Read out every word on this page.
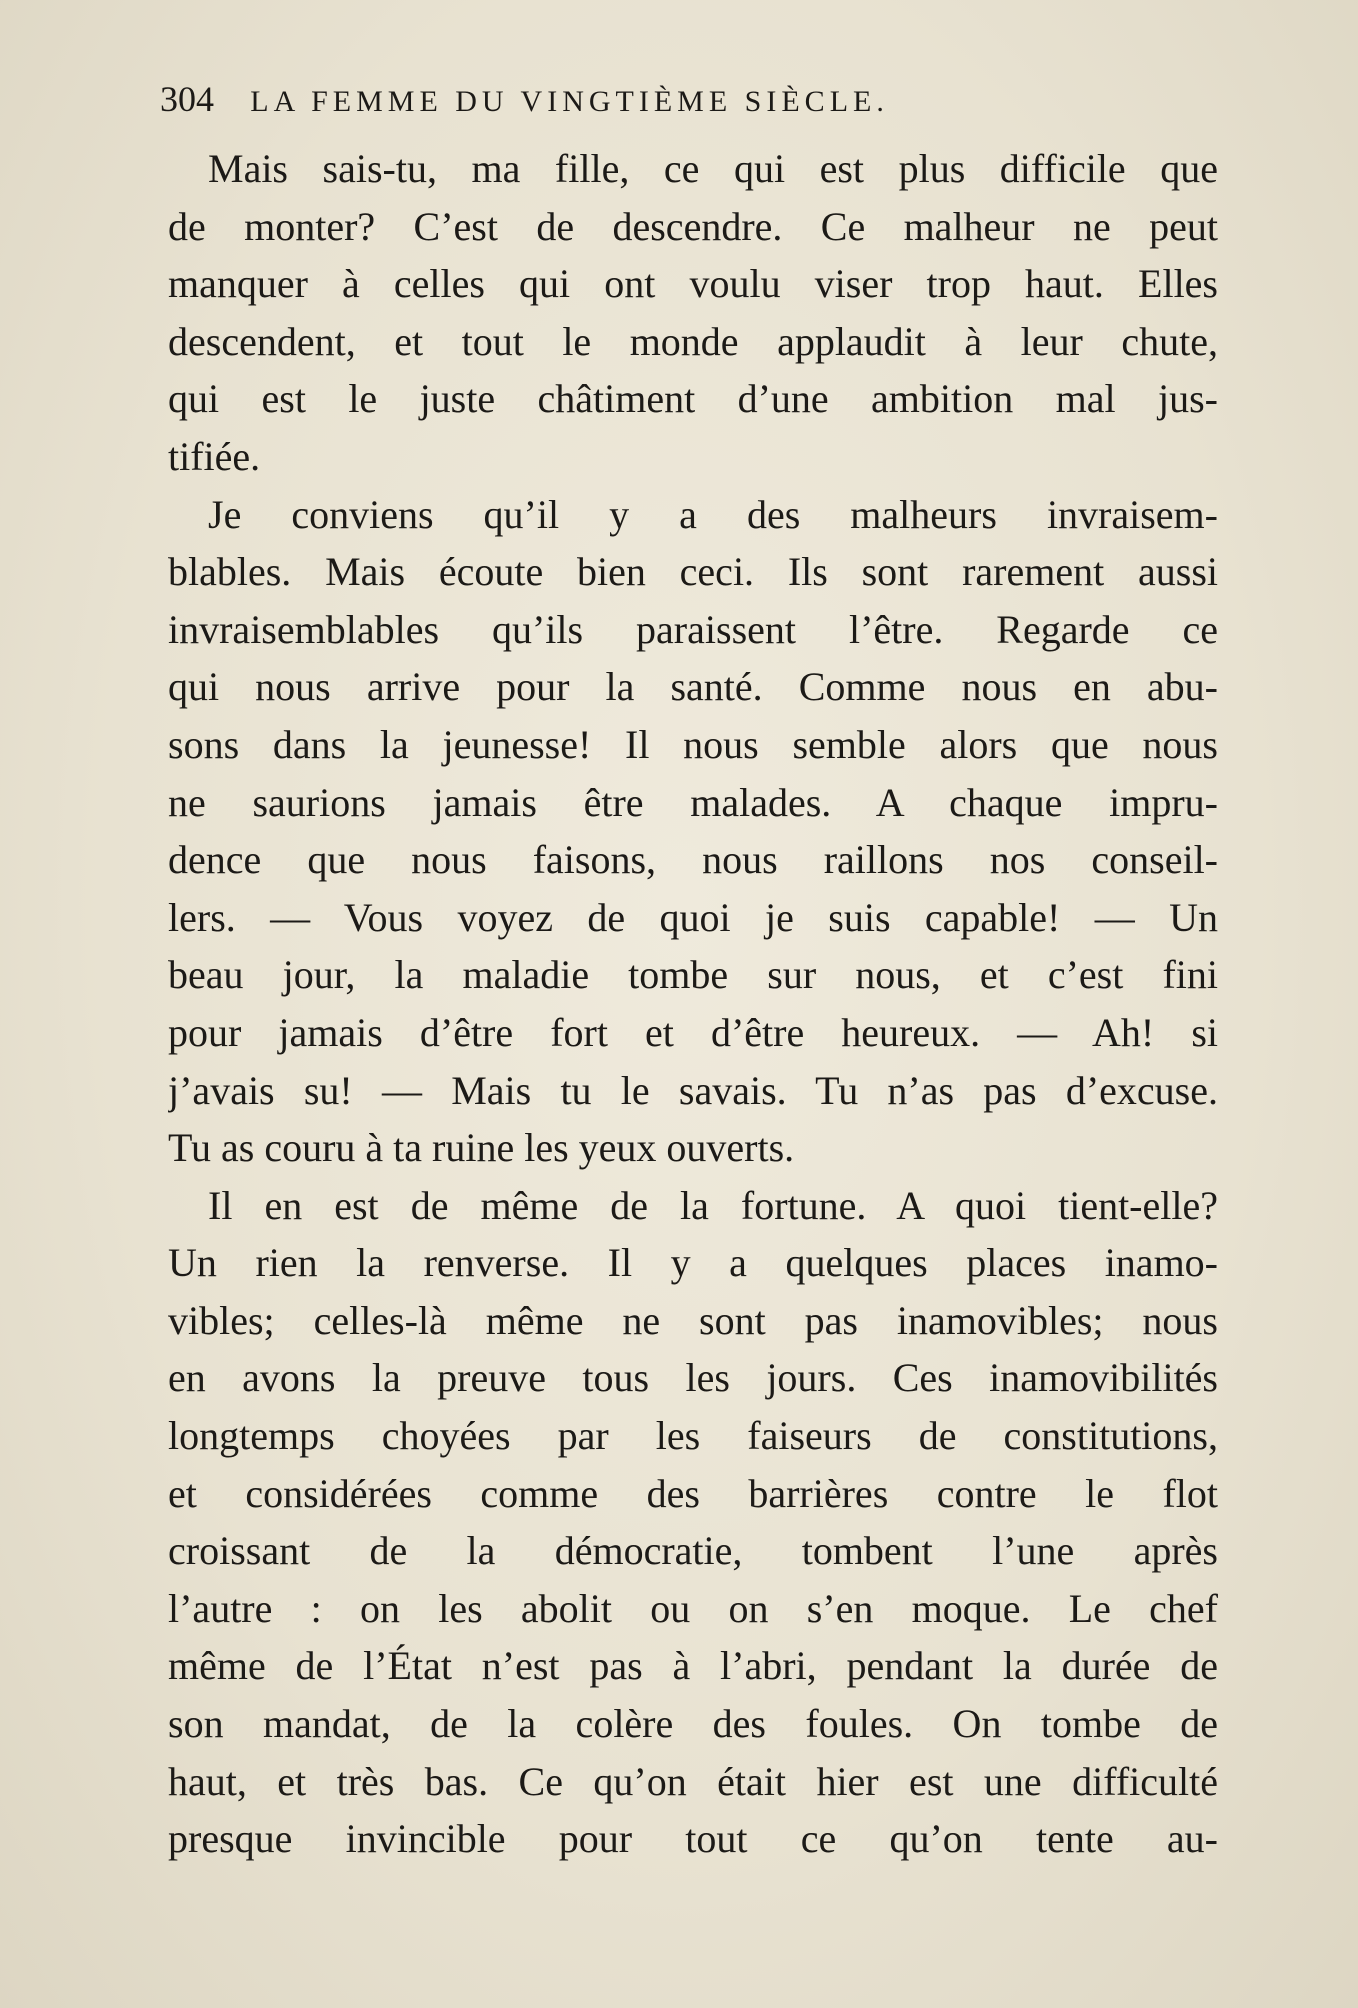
304 LA FEMME DU VINGTIÈME SIÈCLE.
Mais sais-tu, ma fille, ce qui est plus difficile que
de monter? C’est de descendre. Ce malheur ne peut
manquer à celles qui ont voulu viser trop haut. Elles
descendent, et tout le monde applaudit à leur chute,
qui est le juste châtiment d’une ambition mal jus-
tifiée.
Je conviens qu’il y a des malheurs invraisem-
blables. Mais écoute bien ceci. Ils sont rarement aussi
invraisemblables qu’ils paraissent l’être. Regarde ce
qui nous arrive pour la santé. Comme nous en abu-
sons dans la jeunesse! Il nous semble alors que nous
ne saurions jamais être malades. A chaque impru-
dence que nous faisons, nous raillons nos conseil-
lers. — Vous voyez de quoi je suis capable! — Un
beau jour, la maladie tombe sur nous, et c’est fini
pour jamais d’être fort et d’être heureux. — Ah! si
j’avais su! — Mais tu le savais. Tu n’as pas d’excuse.
Tu as couru à ta ruine les yeux ouverts.
Il en est de même de la fortune. A quoi tient-elle?
Un rien la renverse. Il y a quelques places inamo-
vibles; celles-là même ne sont pas inamovibles; nous
en avons la preuve tous les jours. Ces inamovibilités
longtemps choyées par les faiseurs de constitutions,
et considérées comme des barrières contre le flot
croissant de la démocratie, tombent l’une après
l’autre : on les abolit ou on s’en moque. Le chef
même de l’État n’est pas à l’abri, pendant la durée de
son mandat, de la colère des foules. On tombe de
haut, et très bas. Ce qu’on était hier est une difficulté
presque invincible pour tout ce qu’on tente au-
